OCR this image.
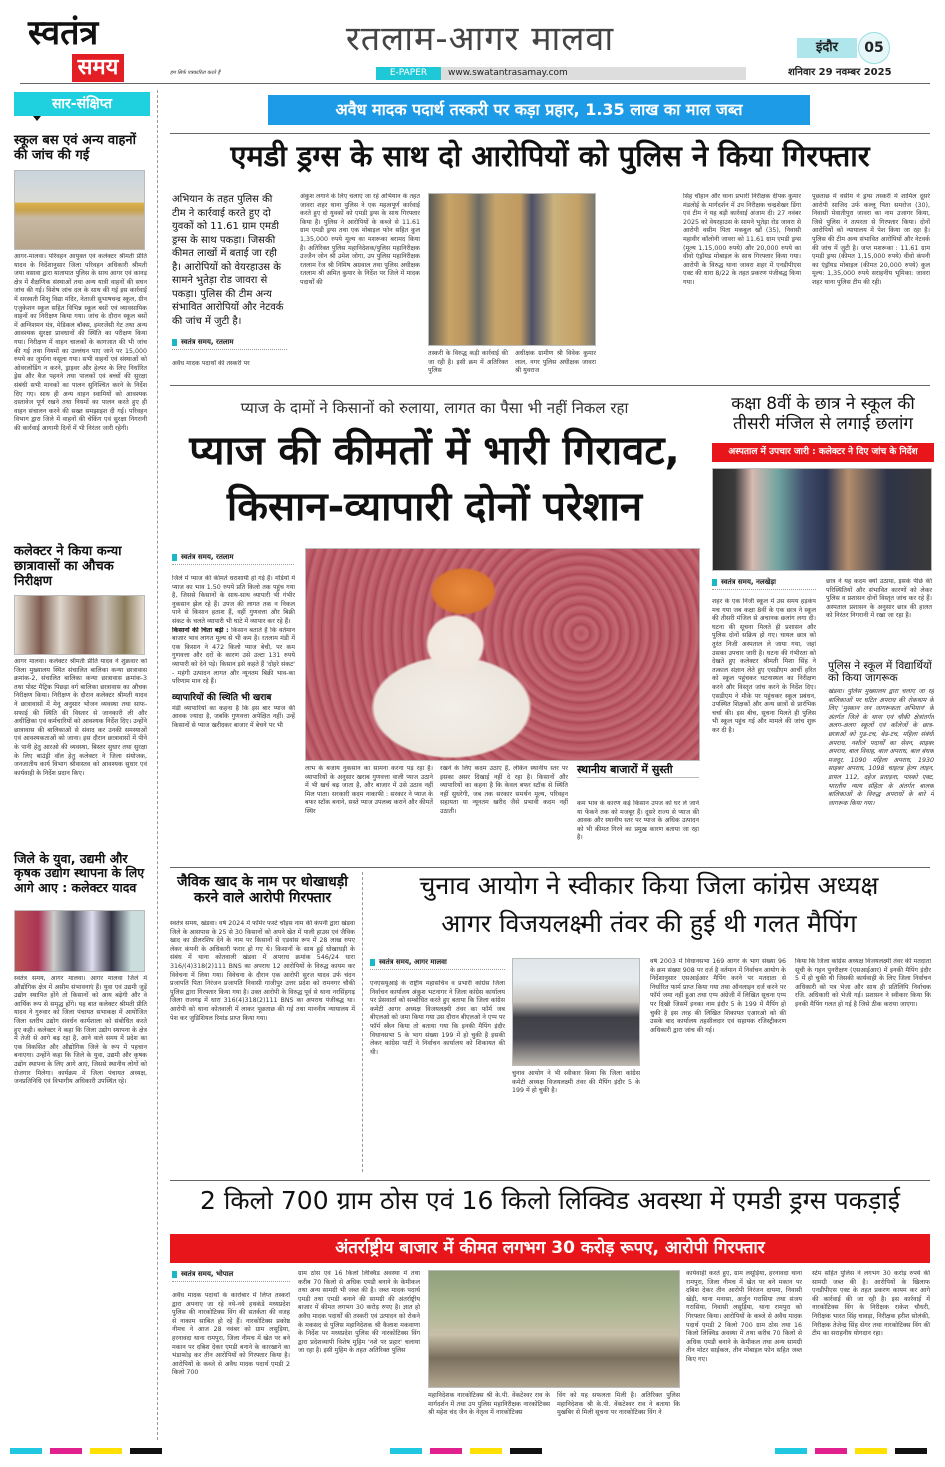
स्वतंत्र
समय	हम सिर्फ पत्रकारिता करते हैं
रतलाम-आगर मालवा
E-PAPER	www.swatantrasamay.com
इंदौर	05
शनिवार 29 नवम्बर 2025
सार-संक्षिप्त
स्कूल बस एवं अन्य वाहनों की जांच की गई
आगर-मालवा। परिवहन आयुक्त एवं कलेक्टर श्रीमती प्रीति यादव के निर्देशानुसार जिला परिवहन अधिकारी श्रीमती जया वसावा द्वारा यातायात पुलिस के साथ आगर एवं कानड़ क्षेत्र में शैक्षणिक संस्थाओं तथा अन्य यात्री वाहनों की सघन जांच की गई। विशेष जांच दल के साथ की गई इस कार्रवाई में सरस्वती शिशु विद्या मंदिर, नेताजी सुभाषचन्द्र स्कूल, ग्रीन एजुकेशन स्कूल सहित विभिन्न स्कूल बसों एवं व्यावसायिक वाहनों का निरीक्षण किया गया। जांच के दौरान स्कूल बसों में अग्निशमन यंत्र, मेडिकल बॉक्स, इमरजेंसी गेट तथा अन्य आवश्यक सुरक्षा प्रावधानों की स्थिति का परीक्षण किया गया। निरीक्षण में वाहन चालकों के कागजात की भी जांच की गई तथा नियमों का उल्लंघन पाए जाने पर 15,000 रुपये का जुर्माना वसूला गया। सभी वाहनों एवं संस्थाओं को ओवरलोडिंग न करने, ड्राइवर और हेल्पर के लिए निर्धारित ड्रेस और बैज पहनने तथा पालकों एवं बच्चों की सुरक्षा संबंधी सभी मानकों का पालन सुनिश्चित करने के निर्देश दिए गए। साथ ही अन्य वाहन स्वामियों को आवश्यक दस्तावेज पूर्ण रखने तथा नियमों का पालन करते हुए ही वाहन संचालन करने की सख्त समझाइश दी गई। परिवहन विभाग द्वारा जिले में वाहनों की चेकिंग एवं सुरक्षा निगरानी की कार्रवाई आगामी दिनों में भी निरंतर जारी रहेगी।
कलेक्टर ने किया कन्या छात्रावासों का औचक निरीक्षण
आगर मालवा। कलेक्टर श्रीमती प्रीति यादव ने शुक्रवार को जिला मुख्यालय स्थित संचालित बालिका कन्या छात्रावास क्रमांक-2, संचालित बालिका कन्या छात्रावास क्रमांक-3 तथा पोस्ट मैट्रिक पिछड़ा वर्ग बालिका छात्रावास का औचक निरीक्षण किया। निरीक्षण के दौरान कलेक्टर श्रीमती यादव ने छात्रावासों में मेनू अनुसार भोजन व्यवस्था तथा साफ-सफाई की स्थिति की विस्तार से जानकारी ली और अधीक्षिका एवं कर्मचारियों को आवश्यक निर्देश दिए। उन्होंने छात्रावास की बालिकाओं से संवाद कर उनकी समस्याओं एवं आवश्यकताओं को जाना। इस दौरान छात्रावासों में पीने के पानी हेतु आरओ की व्यवस्था, बिस्तर सुधार तथा सुरक्षा के लिए बाउंड्री वॉल हेतु कलेक्टर ने जिला संयोजक, जनजातीय कार्य विभाग श्रीवास्तव को आवश्यक सुधार एवं कार्यवाही के निर्देश प्रदान किए।
जिले के युवा, उद्यमी और कृषक उद्योग स्थापना के लिए आगे आए : कलेक्टर यादव
स्वतंत्र समय, आगर मालवा। आगर मालवा जिले में औद्योगिक क्षेत्र में असीम संभावनाएं हैं। युवा एवं उद्यमी जुड़ें उद्योग स्थापित होंगे तो किसानों को आय बढ़ेगी और वे आर्थिक रूप से समृद्ध होंगे। यह बात कलेक्टर श्रीमती प्रीति यादव ने गुरुवार को जिला पंचायत सभाकक्ष में आयोजित जिला स्तरीय उद्योग संवर्धन कार्यशाला को संबोधित करते हुए कही। कलेक्टर ने कहा कि जिला उद्योग स्थापना के क्षेत्र में तेजी से आगे बढ़ रहा है, आने वाले समय में प्रदेश का एक विकसित और औद्योगिक जिले के रूप में पहचान बनाएगा। उन्होंने कहा कि जिले के युवा, उद्यमी और कृषक उद्योग स्थापना के लिए आगे आएं, जिससे स्थानीय लोगों को रोजगार मिलेगा। कार्यक्रम में जिला पंचायत अध्यक्ष, जनप्रतिनिधि एवं विभागीय अधिकारी उपस्थित रहे।
अवैध मादक पदार्थ तस्करी पर कड़ा प्रहार, 1.35 लाख का माल जब्त
एमडी ड्रग्स के साथ दो आरोपियों को पुलिस ने किया गिरफ्तार
अभियान के तहत पुलिस की टीम ने कार्रवाई करते हुए दो युवकों को 11.61 ग्राम एमडी ड्रग्स के साथ पकड़ा। जिसकी कीमत लाखों में बताई जा रही है। आरोपियों को वेयरहाउस के सामने भुतेड़ा रोड जावरा से पकड़ा। पुलिस की टीम अन्य संभावित आरोपियों और नेटवर्क की जांच में जुटी है।
स्वतंत्र समय, रतलाम
अवैध मादक पदार्थों की तस्करी पर
अंकुश लगाने के लिए चलाए जा रहे अभियान के तहत जावरा शहर थाना पुलिस ने एक महत्वपूर्ण कार्रवाई करते हुए दो युवकों को एमडी ड्रग्स के साथ गिरफ्तार किया है। पुलिस ने आरोपियों के कब्जे से 11.61 ग्राम एमडी ड्रग्स तथा एक मोबाइल फोन सहित कुल 1,35,000 रुपये मूल्य का मशरूका बरामद किया है। अतिरिक्त पुलिस महानिदेशक/पुलिस महानिरीक्षक उज्जैन जोन श्री उमेश जोगा, उप पुलिस महानिरीक्षक रतलाम रेंज श्री निमिष अग्रवाल तथा पुलिस अधीक्षक रतलाम श्री अमित कुमार के निर्देश पर जिले में मादक पदार्थों की
तस्करी के विरुद्ध कड़ी कार्रवाई की जा रही है। इसी क्रम में अतिरिक्त पुलिस
अधीक्षक ग्रामीण श्री विवेक कुमार लाल, नगर पुलिस अधीक्षक जावरा श्री युवराज
सिंह चौहान और थाना प्रभारी निरीक्षक दीपक कुमार मंडलोई के मार्गदर्शन में उप निरीक्षक चन्द्रशेखर डिंगा एवं टीम ने यह बड़ी कार्रवाई अंजाम दी। 27 नवंबर 2025 को वेयरहाउस के सामने भुतेड़ा रोड जावरा से आरोपी वसीम पिता मकबुल खाँ (35), निवासी महावीर कॉलोनी जावरा को 11.61 ग्राम एमडी ड्रग्स (मूल्य 1,15,000 रुपये) और 20,000 रुपये का वीवो एंड्रॉयड मोबाइल के साथ गिरफ्तार किया गया। आरोपी के विरुद्ध थाना जावरा शहर में एनडीपीएस एक्ट की धारा 8/22 के तहत प्रकरण पंजीबद्ध किया गया।
पूछताछ में वसीम ने ड्रग्स तस्करी में शामिल दूसरे आरोपी साजिद उर्फ कल्लू पिता समरोज (30), निवासी मेवातीपुरा जावरा का नाम उजागर किया, जिसे पुलिस ने तत्परता से गिरफ्तार किया। दोनों आरोपियों को न्यायालय में पेश किया जा रहा है। पुलिस की टीम अन्य संभावित आरोपियों और नेटवर्क की जांच में जुटी है। जप्त मशरूका : 11.61 ग्राम एमडी ड्रग्स (कीमत 1,15,000 रुपये) वीवो कंपनी का एंड्रॉयड मोबाइल (कीमत 20,000 रुपये) कुल मूल्य: 1,35,000 रुपये सराहनीय भूमिका: जावरा शहर थाना पुलिस टीम की रही।
प्याज के दामों ने किसानों को रुलाया, लागत का पैसा भी नहीं निकल रहा
प्याज की कीमतों में भारी गिरावट,
किसान-व्यापारी दोनों परेशान
स्वतंत्र समय, रतलाम
जिले में प्याज की कीमतें धराशायी हो गई हैं। मंडियों में प्याज का भाव 1.50 रुपये प्रति किलो तक पहुंच गया है, जिससे किसानों के साथ-साथ व्यापारी भी गंभीर नुकसान झेल रहे हैं। उपज की लागत तक न निकल पाने से किसान हताश हैं, वहीं गुणवत्ता और बिक्री संकट के चलते व्यापारी भी घाटे में व्यापार कर रहे हैं।
किसानों की चिंता बढ़ी : किसान बताते हैं कि वर्तमान बाजार भाव लागत मूल्य से भी कम है। रतलाम मंडी में एक किसान ने 472 किलो प्याज बेची, पर कम गुणवत्ता और दरों के कारण उसे उल्टा 131 रुपये व्यापारी को देने पड़े। किसान इसे कहते हैं 'दोहरे संकट' - महंगी उत्पादन लागत और न्यूनतम बिक्री भाव-का परिणाम मान रहे हैं।
व्यापारियों की स्थिति भी खराब
मंडी व्यापारियों का कहना है कि इस बार प्याज की आवक ज्यादा है, जबकि गुणवत्ता अपेक्षित नहीं। उन्हें किसानों से प्याज खरीदकर बाजार में बेचने पर भी
लाभ के बजाय नुकसान का सामना करना पड़ रहा है। व्यापारियों के अनुसार खराब गुणवत्ता वाली प्याज उठाने में भी खर्च बढ़ जाता है, और बाजार में उसे उठाव नहीं मिल पाता। सरकारी कदम नाकाफी : सरकार ने प्याज के बफर स्टॉक बनाने, सस्ते प्याज उपलब्ध कराने और कीमतें स्थिर
रखने के लिए कदम उठाए हैं, लेकिन स्थानीय स्तर पर इसका असर दिखाई नहीं दे रहा है। किसानों और व्यापारियों का कहना है कि केवल बफर स्टॉक से स्थिति नहीं सुधरेगी, जब तक सरकार समर्थन मूल्य, परिवहन सहायता या न्यूनतम खरीद जैसे प्रभावी कदम नहीं उठाती।
स्थानीय बाजारों में सुस्ती
कम भाव के कारण कई किसान उपज को घर ले जाने या फेंकने तक को मजबूर हैं। दूसरे राज्य से प्याज की आवक और स्थानीय स्तर पर प्याज के अधिक उत्पादन को भी कीमत गिरने का प्रमुख कारण बताया जा रहा है।
कक्षा 8वीं के छात्र ने स्कूल की तीसरी मंजिल से लगाई छलांग
अस्पताल में उपचार जारी : कलेक्टर ने दिए जांच के निर्देश
स्वतंत्र समय, नलखेड़ा
शहर के एक निजी स्कूल में उस समय हड़कंप मच गया जब कक्षा 8वीं के एक छात्र ने स्कूल की तीसरी मंजिल से अचानक छलांग लगा दी। घटना की सूचना मिलते ही प्रशासन और पुलिस दोनों सक्रिय हो गए। घायल छात्र को तुरंत निजी अस्पताल ले जाया गया, जहां उसका उपचार जारी है। घटना की गंभीरता को देखते हुए कलेक्टर श्रीमती मिशा सिंह ने तत्काल संज्ञान लेते हुए एसडीएम आर्ची हरित को स्कूल पहुंचकर घटनास्थल का निरीक्षण करने और विस्तृत जांच करने के निर्देश दिए। एसडीएम ने मौके पर पहुंचकर स्कूल प्रबंधन, उपस्थित शिक्षकों और अन्य छात्रों से प्रारंभिक चर्चा की। इस बीच, सूचना मिलते ही पुलिस भी स्कूल पहुंच गई और मामले की जांच शुरू कर दी है।
छात्र ने यह कदम क्यों उठाया, इसके पीछे की परिस्थितियों और संभावित कारणों को लेकर पुलिस व प्रशासन दोनों विस्तृत जांच कर रहे हैं। अस्पताल प्रशासन के अनुसार छात्र की हालत को निरंतर निगरानी में रखा जा रहा है।
पुलिस ने स्कूल में विद्यार्थियों को किया जागरूक
खंडवा। पुलिस मुख्यालय द्वारा चलाए जा रहे बालिकाओं पर घटित अपराध की रोकथाम के लिए 'मुस्कान जन जागरूकता अभियान' के अंतर्गत जिले के थाना एवं चौकी क्षेत्रांतर्गत अलग-अलग स्कूलों एवं कॉलेजों के छात्र-छात्राओं को गुड-टच, बेड-टच, महिला संबंधी अपराध, नशीले पदार्थों का सेवन, साइबर अपराध, बाल विवाह, बाल अपराध, बाल बंधक मजदूर, 1090 महिला अपराध, 1930 साइबर अपराध, 1098 चाइल्ड हेल्प लाइन, डायल 112, दहेज प्रताड़ना, पास्को एक्ट, भारतीय न्याय संहिता के अंतर्गत बालक बालिकाओं के विरुद्ध अपराधों के बारे में जागरूक किया गया।
जैविक खाद के नाम पर धोखाधड़ी करने वाले आरोपी गिरफ्तार
स्वतंत्र समय, खंडवा। वर्ष 2024 में फॉर्मर फर्स्ट चॉइस नाम की कंपनी द्वारा खंडवा जिले के आसपास के 25 से 30 किसानों को अपने खेत में पाली हाउस एवं जैविक खाद का डीलरशिप देने के नाम पर किसानों से एडवांस रूप में 28 लाख रुपए लेकर कंपनी के अधिकारी फरार हो गए थे। किसानों के साथ हुई धोखाधड़ी के संबंध में थाना कोतवाली खंडवा में अपराध क्रमांक 546/24 धारा 316/(4)318(2)111 BNS का अपराध 12 आरोपियों के विरुद्ध कायम कर विवेचना में लिया गया। विवेचना के दौरान एक आरोपी सुरज यादव उर्फ चंदन प्रजापति पिता निरंजन प्रजापति निवासी गाजीपुर उत्तर प्रदेश को रामनगर चौकी पुलिस द्वारा गिरफ्तार किया गया है। उक्त आरोपी के विरुद्ध पूर्व से थाना नरसिंहगढ़ जिला राजगढ़ में धारा 316(4)318(2)111 BNS का अपराध पंजीबद्ध था। आरोपी को थाना कोतवाली में लाकर पूछताछ की गई तथा माननीय न्यायालय में पेश कर जुडिशियल रिमांड प्राप्त किया गया।
चुनाव आयोग ने स्वीकार किया जिला कांग्रेस अध्यक्ष
आगर विजयलक्ष्मी तंवर की हुई थी गलत मैपिंग
स्वतंत्र समय, आगर मालवा
एनएसयूआई के राष्ट्रीय महासचिव व प्रभारी कांग्रेस जिला निर्वाचन कार्यालय अंकुश भटनागर ने जिला कांग्रेस कार्यालय पर प्रेसवार्ता को सम्बोधित करते हुए बताया कि जिला कांग्रेस कमेटी आगर अध्यक्ष विजयलक्ष्मी तंवर का फॉर्म जब बीएलओ को जमा किया गया उस दौरान बीएलओ ने एप्प पर फॉर्म स्कैन किया तो बताया गया कि इनकी मैपिंग इंदौर विधानसभा 5 के भाग संख्या 199 में हो चुकी है इसकी लेकर कांग्रेस पार्टी ने निर्वाचन कार्यालय को शिकायत की थी।
चुनाव आयोग ने भी स्वीकार किया कि जिला कांग्रेस कमेटी अध्यक्ष विजयलक्ष्मी तंवर की मैपिंग इंदौर 5 के 199 में हो चुकी है।
वर्ष 2003 में विधानसभा 169 आगर के भाग संख्या 96 के क्रम संख्या 908 पर दर्ज है वर्तमान में निर्वाचन आयोग के निर्देशानुसार एसआईआर मैपिंग करने पर मतदाता से निर्धारित फार्म प्राप्त किया गया तथा ऑनलाइन दर्ज करने पर फॉर्म जमा नहीं हुआ तथा एप्प अंग्रेजी में लिखित सूचना एप्प पर दिखी जिसमें इनका नाम इंदौर 5 के 199 में मैपिंग हो चुकी है इस तरह की लिखित शिकायत एआरओ को की उसके बाद कार्यालय तहसीलदार एवं सहायक रजिस्ट्रीकरण अधिकारी द्वारा जांच की गई।
किया कि जिला कांग्रेस अध्यक्ष विजयलक्ष्मी तंवर की मतदाता सूची के गहन पुनरीक्षण (एसआईआर) में इनकी मैपिंग इंदौर 5 में हो चुकी थी जिसकी कार्यवाही के लिए जिला निर्वाचन अधिकारी को पत्र भेजा और साथ ही प्रतिलिपि निर्वाचक रजि. अधिकारी को भेजी गई। प्रशासन ने स्वीकार किया कि इनकी मैपिंग गलत हो गई है जिसे ठीक कराया जाएगा।
2 किलो 700 ग्राम ठोस एवं 16 किलो लिक्विड अवस्था में एमडी ड्रग्स पकड़ाई
अंतर्राष्ट्रीय बाजार में कीमत लगभग 30 करोड़ रूपए, आरोपी गिरफ्तार
स्वतंत्र समय, भोपाल
अवैध मादक पदार्थों के कारोबार में लिप्त तस्करों द्वारा अपनाए जा रहे नये-नये हथकंडे मध्यप्रदेश पुलिस की नारकोटिक्स विंग की सतर्कता की वजह से नाकाम साबित हो रहे हैं। नारकोटिक्स प्रकोष्ठ नीमच ने आज 28 नवंबर को ग्राम लसूड़िया, हरनावदा थाना रामपुरा, जिला नीमच में खेत पर बने मकान पर दबिश देकर एमडी बनाने के कारखाने का भंडाफोड़ कर तीन आरोपियों को गिरफ्तार किया है। आरोपियों के कब्जे से अवैध मादक पदार्थ एमडी 2 किलो 700
ग्राम ठोस एवं 16 किलो लिक्विड अवस्था में तथा करीब 70 किलो से अधिक एमडी बनाने के केमीकल तथा अन्य सामग्री भी जब्त की है। जब्त मादक पदार्थ एमडी तथा एमडी बनाने की सामग्री की अंतर्राष्ट्रीय बाजार में कीमत लगभग 30 करोड़ रुपए है। ज्ञात हो अवैध मादक पदार्थों की तस्करी एवं उत्पादन को रोकने के मकसद से पुलिस महानिदेशक श्री कैलाश मकवाणा के निर्देश पर मध्यप्रदेश पुलिस की नारकोटिक्स विंग द्वारा प्रदेशव्यापी विशेष मुहिम 'नशे पर प्रहार' चलाया जा रहा है। इसी मुहिम के तहत अतिरिक्त पुलिस
महानिदेशक नारकोटिक्स श्री के.पी. वेंकटेश्वर राव के मार्गदर्शन में तथा उप पुलिस महानिरीक्षक नारकोटिक्स श्री महेश चंद जैन के नेतृत्व में नारकोटिक्स
विंग को यह सफलता मिली है। अतिरिक्त पुलिस महानिदेशक श्री के.पी. वेंकटेश्वर राव ने बताया कि मुखबिर से मिली सूचना पर नारकोटिक्स विंग ने
कार्यवाही करते हुए, ग्राम लसूड़िया, हरनावदा थाना रामपुरा, जिला नीमच में खेत पर बने मकान पर दबिश देकर तीन आरोपी निरंजन दायमा, निवासी खेड़ी, थाना मनासा, अर्जुन गरासिया तथा संजय गरासिया, निवासी लसूड़िया, थाना रामपुरा को गिरफ्तार किया। आरोपियों के कब्जे से अवैध मादक पदार्थ एमडी 2 किलो 700 ग्राम ठोस तथा 16 किलो लिक्विड अवस्था में तथा करीब 70 किलो से अधिक एमडी बनाने के केमीकल तथा अन्य सामग्री तीन मोटर साईकल, तीन मोबाइल फोन सहित जब्त किए गए।
स्टेम सहित पुलिस ने लगभग 30 करोड़ रुपये की सामग्री जब्त की है। आरोपियों के खिलाफ एनडीपीएस एक्ट के तहत प्रकरण कायम कर आगे की कार्रवाई की जा रही है। इस कार्रवाई में नारकोटिक्स विंग के निरीक्षक राकेश चौधरी, निरीक्षक भारत सिंह चावड़ा, निरीक्षक हरीश सोलंकी, निरीक्षक तेजेन्द्र सिंह सेंगर तथा नारकोटिक्स विंग की टीम का सराहनीय योगदान रहा।
